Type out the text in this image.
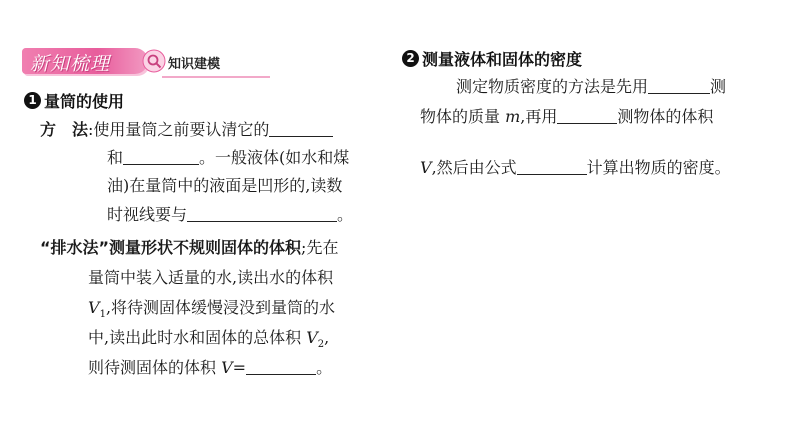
新知梳理	知识建模
1 量筒的使用
方　法:使用量筒之前要认清它的
和	。一般液体(如水和煤
油)在量筒中的液面是凹形的,读数
时视线要与	。
“排水法”测量形状不规则固体的体积;先在
量筒中装入适量的水,读出水的体积
$V_1$,将待测固体缓慢浸没到量筒的水
中,读出此时水和固体的总体积 $V_2$,
则待测固体的体积 V=	。
2 测量液体和固体的密度
测定物质密度的方法是先用	测
物体的质量 m,再用	测物体的体积
V,然后由公式	计算出物质的密度。
